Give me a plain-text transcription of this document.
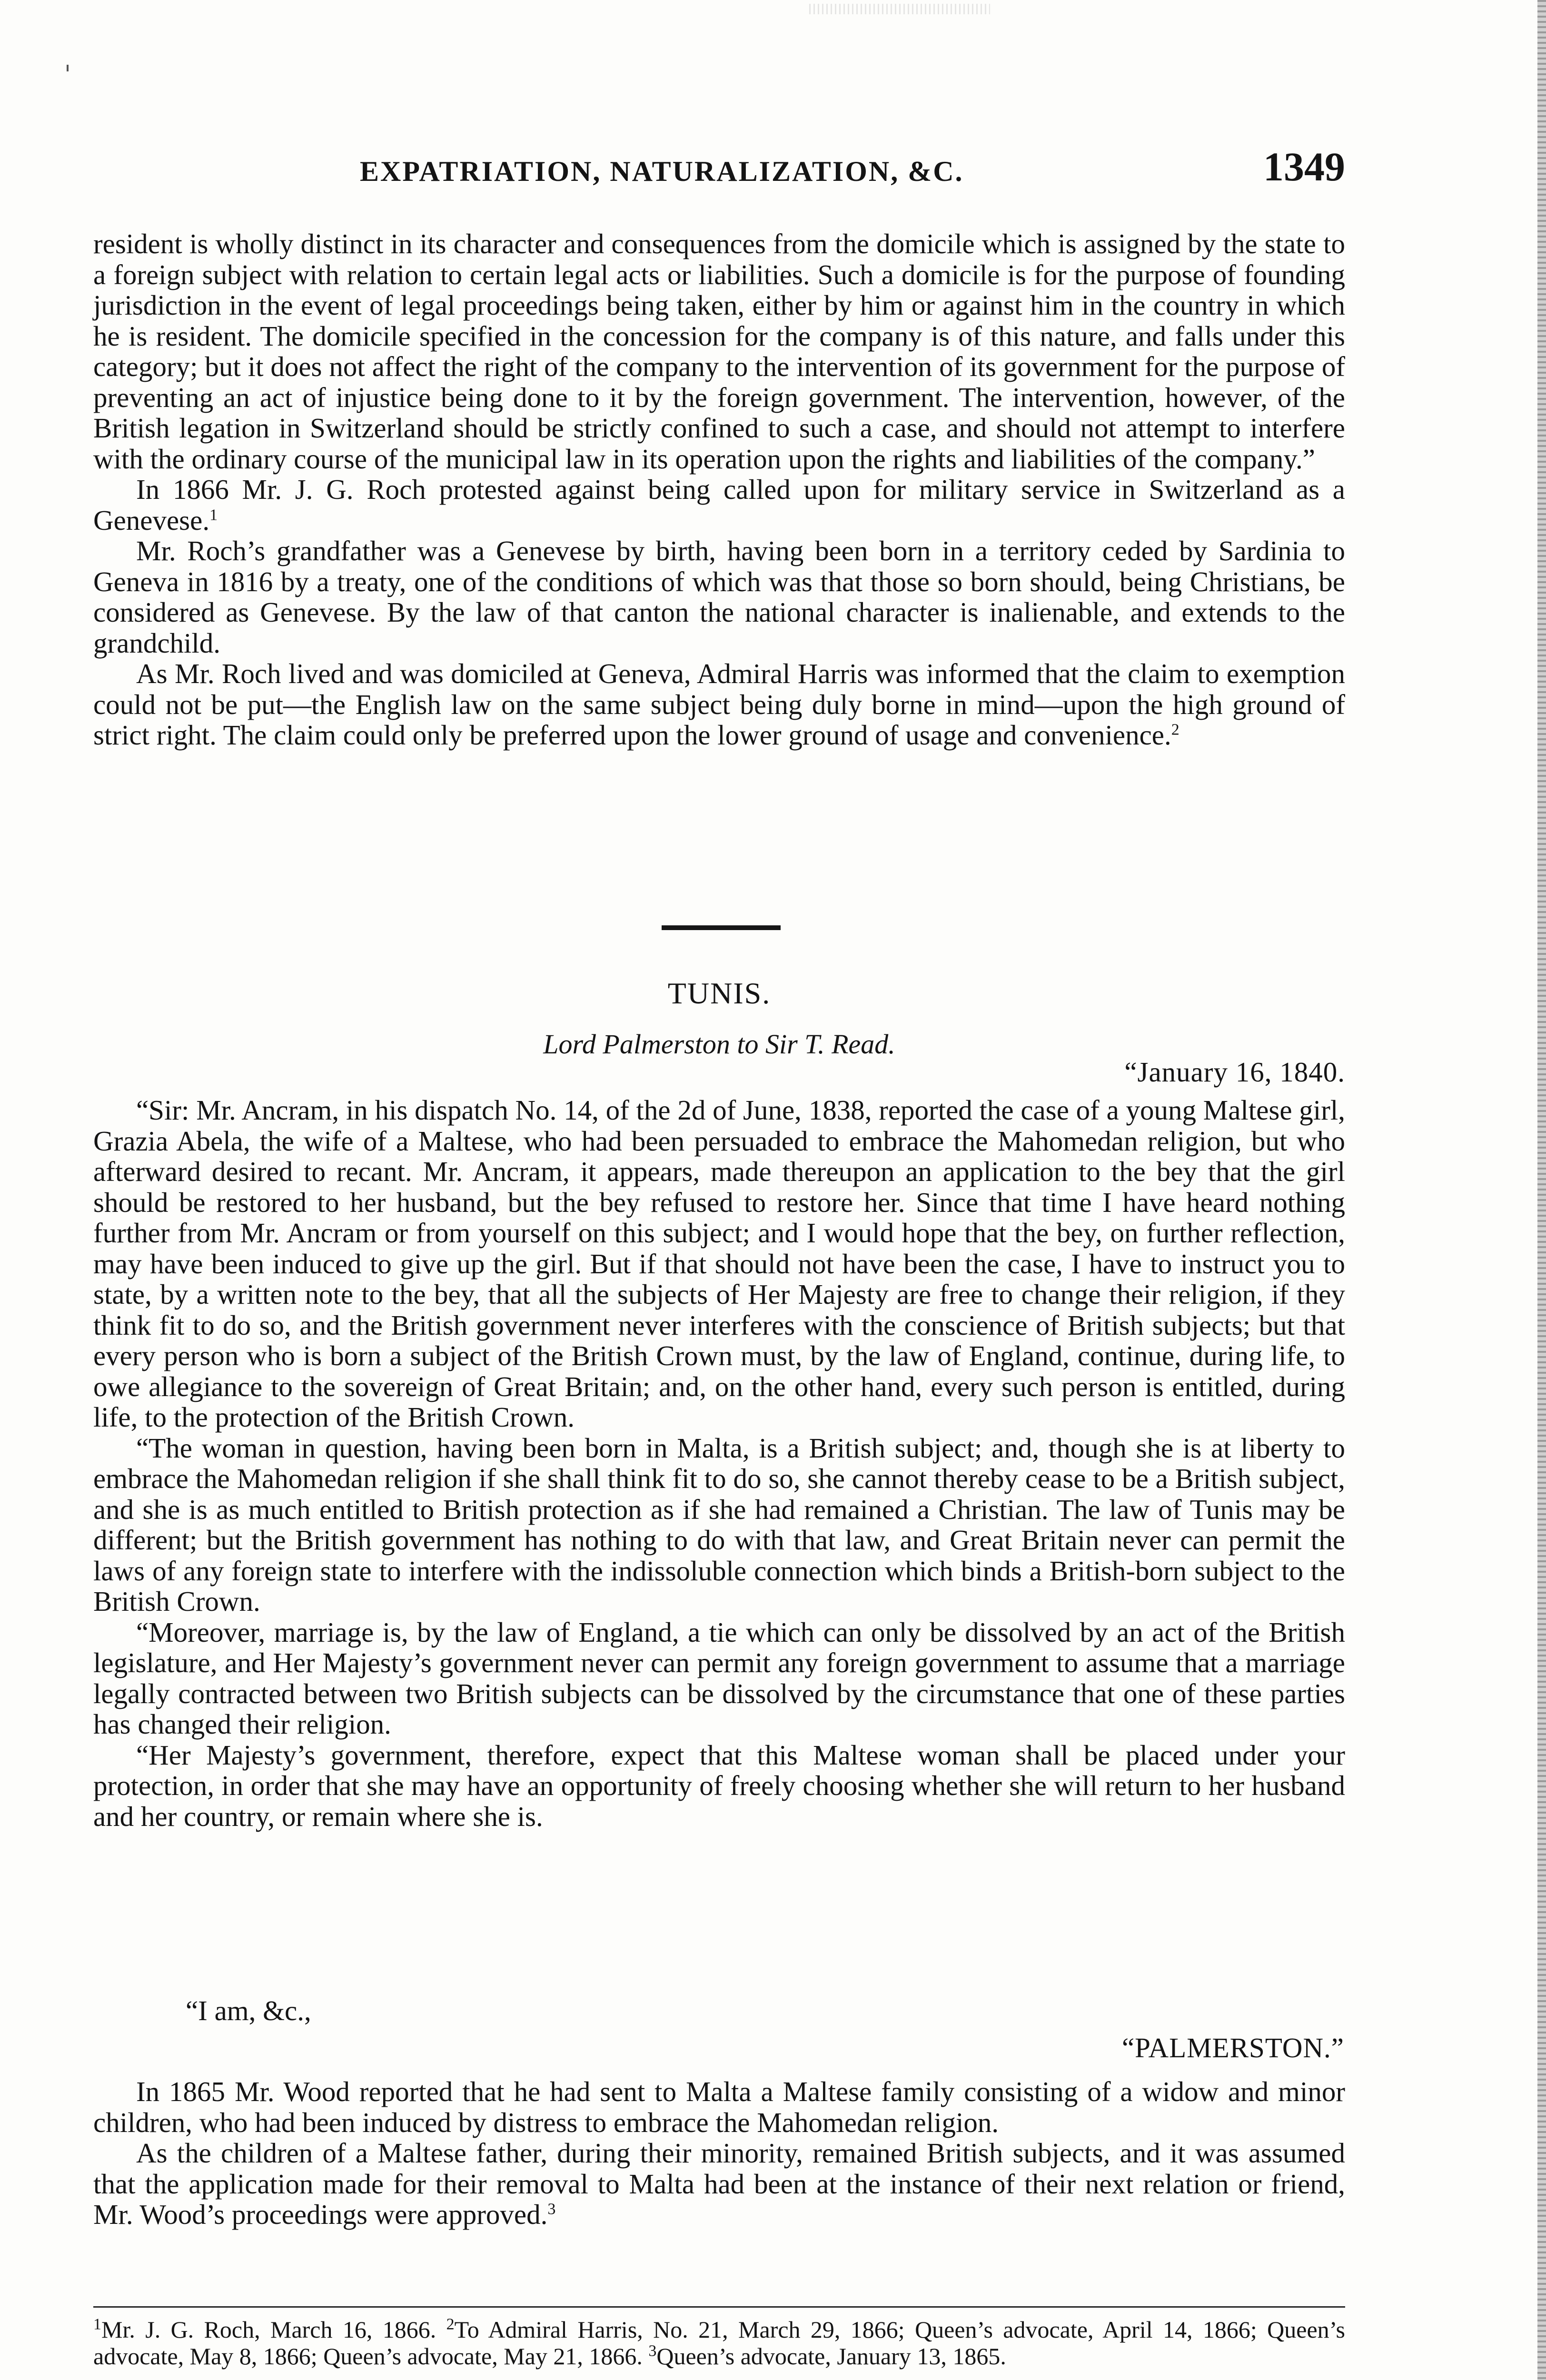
EXPATRIATION, NATURALIZATION, &C.	1349

resident is wholly distinct in its character and consequences from the domicile which is assigned by the state to a foreign subject with relation to certain legal acts or liabilities. Such a domicile is for the purpose of founding jurisdiction in the event of legal proceedings being taken, either by him or against him in the country in which he is resident. The domicile specified in the concession for the company is of this nature, and falls under this category; but it does not affect the right of the company to the intervention of its government for the purpose of preventing an act of injustice being done to it by the foreign government. The intervention, however, of the British legation in Switzerland should be strictly confined to such a case, and should not attempt to interfere with the ordinary course of the municipal law in its operation upon the rights and liabilities of the company.”

In 1866 Mr. J. G. Roch protested against being called upon for military service in Switzerland as a Genevese.$^1$

Mr. Roch’s grandfather was a Genevese by birth, having been born in a territory ceded by Sardinia to Geneva in 1816 by a treaty, one of the conditions of which was that those so born should, being Christians, be considered as Genevese. By the law of that canton the national character is inalienable, and extends to the grandchild.

As Mr. Roch lived and was domiciled at Geneva, Admiral Harris was informed that the claim to exemption could not be put—the English law on the same subject being duly borne in mind—upon the high ground of strict right. The claim could only be preferred upon the lower ground of usage and convenience.$^2$

TUNIS.
Lord Palmerston to Sir T. Read.
“January 16, 1840.

“Sir: Mr. Ancram, in his dispatch No. 14, of the 2d of June, 1838, reported the case of a young Maltese girl, Grazia Abela, the wife of a Maltese, who had been persuaded to embrace the Mahomedan religion, but who afterward desired to recant. Mr. Ancram, it appears, made thereupon an application to the bey that the girl should be restored to her husband, but the bey refused to restore her. Since that time I have heard nothing further from Mr. Ancram or from yourself on this subject; and I would hope that the bey, on further reflection, may have been induced to give up the girl. But if that should not have been the case, I have to instruct you to state, by a written note to the bey, that all the subjects of Her Majesty are free to change their religion, if they think fit to do so, and the British government never interferes with the conscience of British subjects; but that every person who is born a subject of the British Crown must, by the law of England, continue, during life, to owe allegiance to the sovereign of Great Britain; and, on the other hand, every such person is entitled, during life, to the protection of the British Crown.

“The woman in question, having been born in Malta, is a British subject; and, though she is at liberty to embrace the Mahomedan religion if she shall think fit to do so, she cannot thereby cease to be a British subject, and she is as much entitled to British protection as if she had remained a Christian. The law of Tunis may be different; but the British government has nothing to do with that law, and Great Britain never can permit the laws of any foreign state to interfere with the indissoluble connection which binds a British-born subject to the British Crown.

“Moreover, marriage is, by the law of England, a tie which can only be dissolved by an act of the British legislature, and Her Majesty’s government never can permit any foreign government to assume that a marriage legally contracted between two British subjects can be dissolved by the circumstance that one of these parties has changed their religion.

“Her Majesty’s government, therefore, expect that this Maltese woman shall be placed under your protection, in order that she may have an opportunity of freely choosing whether she will return to her husband and her country, or remain where she is.

“I am, &c.,
“PALMERSTON.”

In 1865 Mr. Wood reported that he had sent to Malta a Maltese family consisting of a widow and minor children, who had been induced by distress to embrace the Mahomedan religion.

As the children of a Maltese father, during their minority, remained British subjects, and it was assumed that the application made for their removal to Malta had been at the instance of their next relation or friend, Mr. Wood’s proceedings were approved.$^3$

$^1$Mr. J. G. Roch, March 16, 1866. $^2$To Admiral Harris, No. 21, March 29, 1866; Queen’s advocate, April 14, 1866; Queen’s advocate, May 8, 1866; Queen’s advocate, May 21, 1866. $^3$Queen’s advocate, January 13, 1865.
